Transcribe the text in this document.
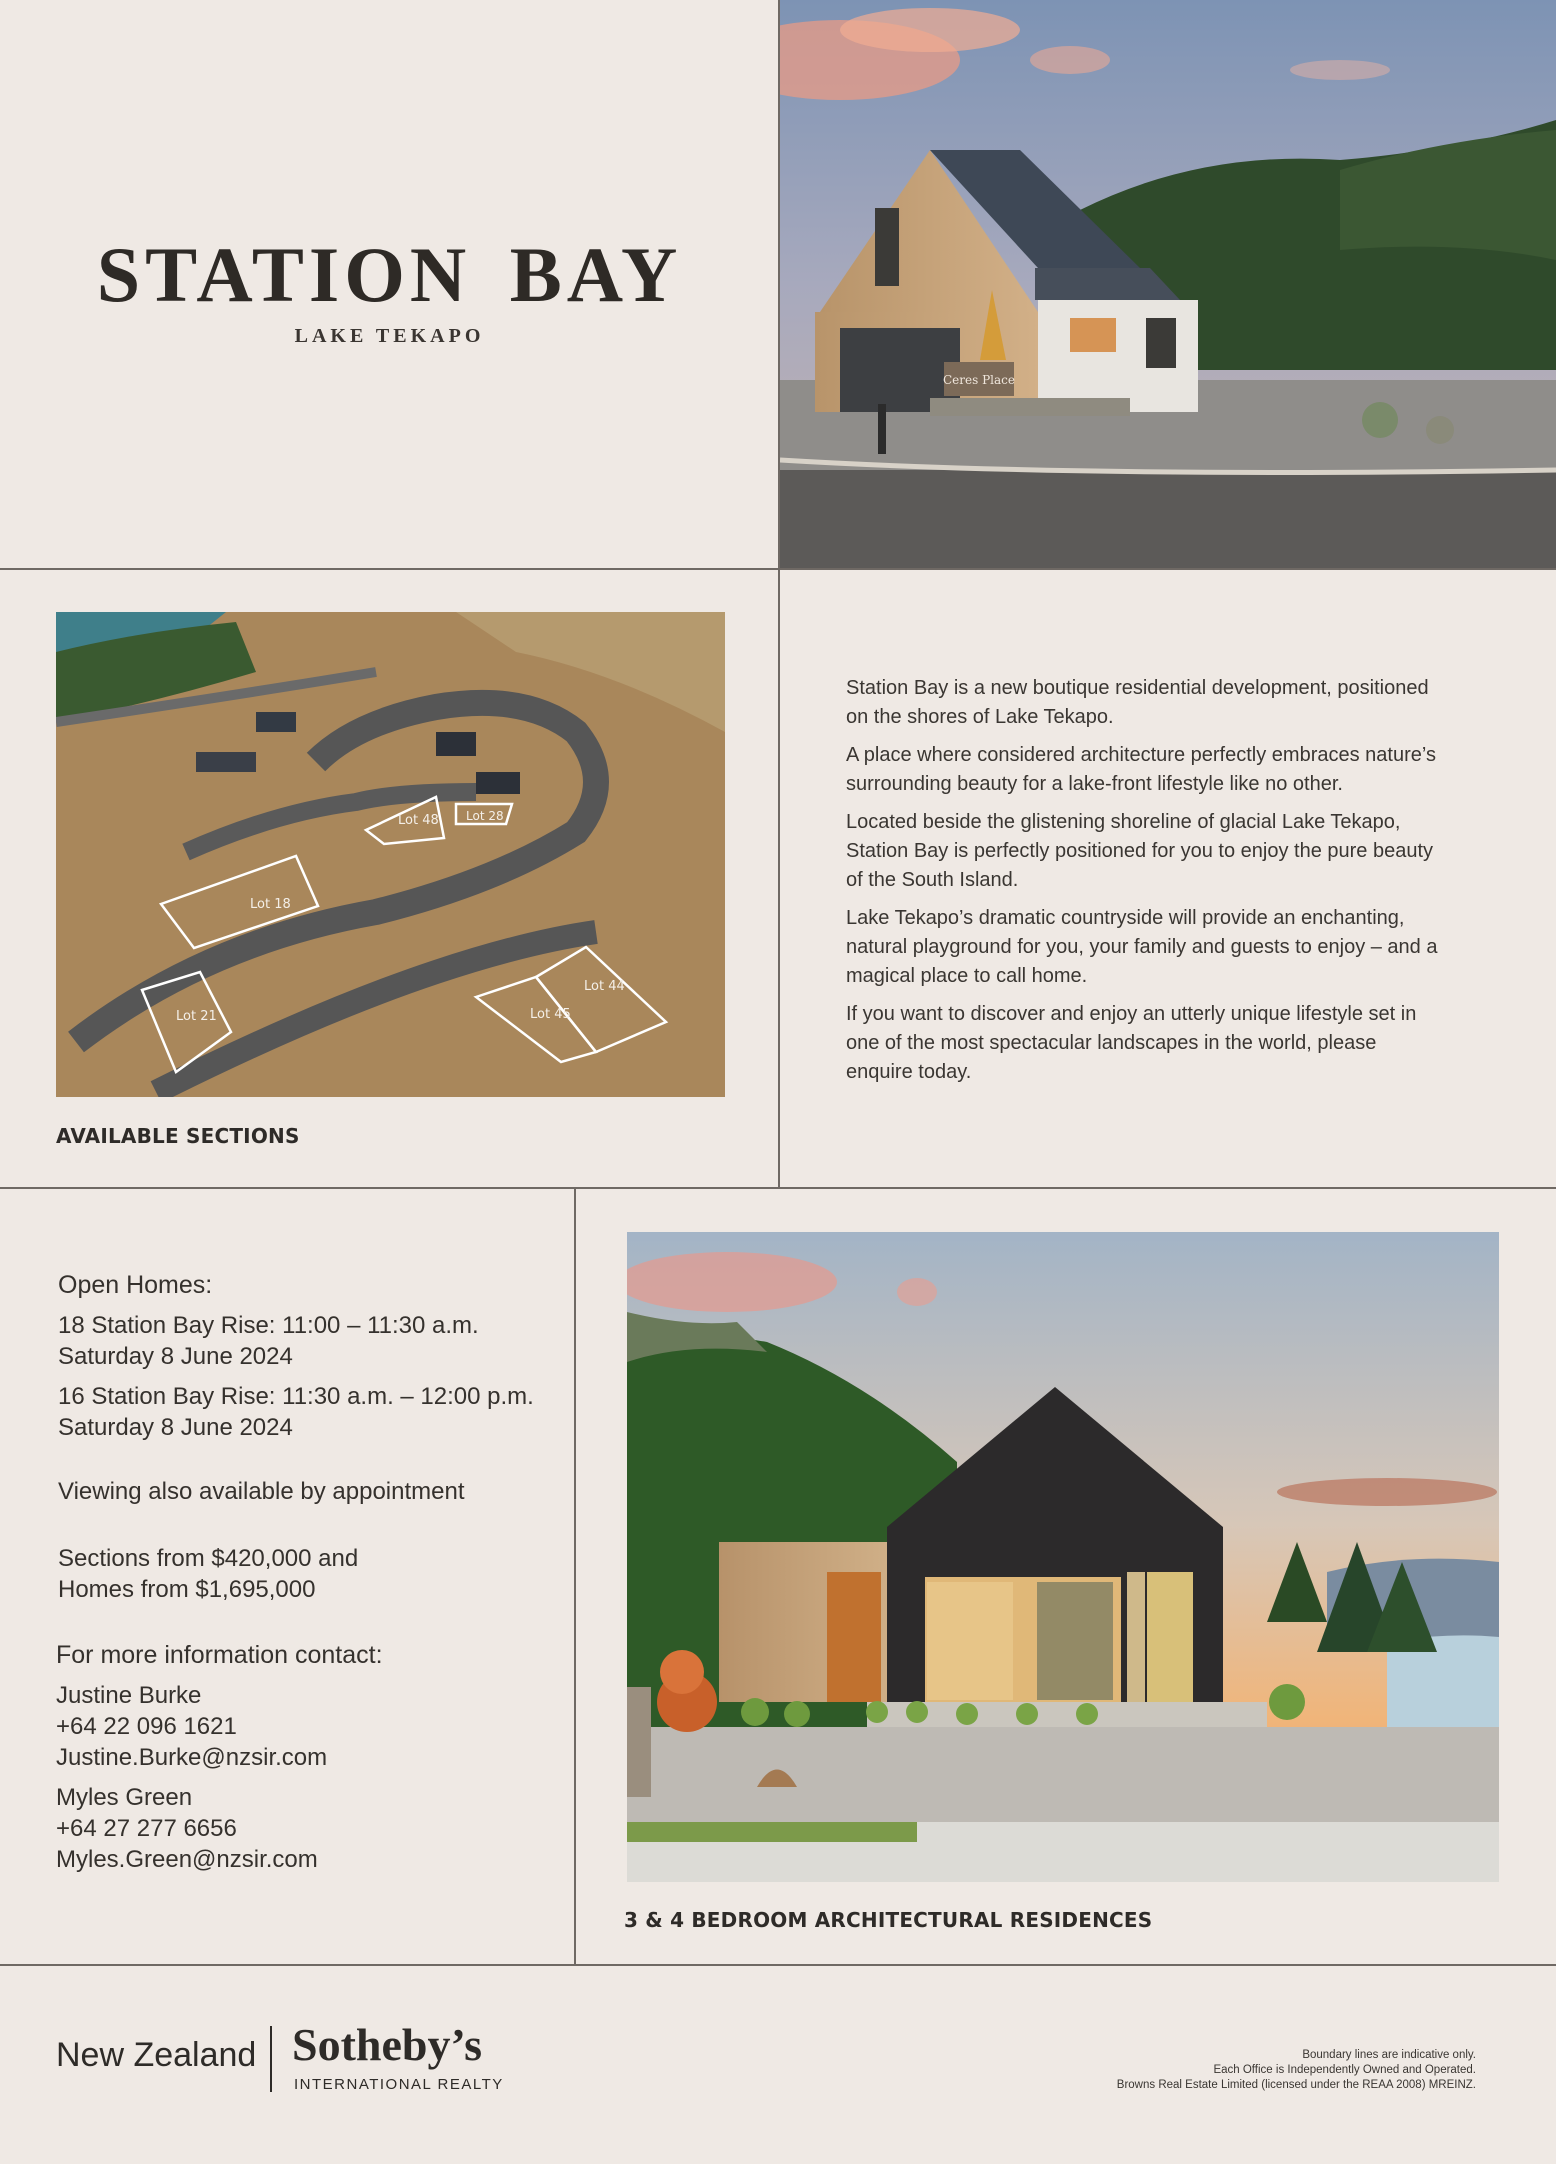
STATION BAY
LAKE TEKAPO
Ceres Place
Lot 18
Lot 48 Lot 28
Lot 21	Lot 45
Lot 44
AVAILABLE SECTIONS

Station Bay is a new boutique residential development, positioned on the shores of Lake Tekapo.

A place where considered architecture perfectly embraces nature’s surrounding beauty for a lake-front lifestyle like no other.

Located beside the glistening shoreline of glacial Lake Tekapo, Station Bay is perfectly positioned for you to enjoy the pure beauty of the South Island.

Lake Tekapo’s dramatic countryside will provide an enchanting, natural playground for you, your family and guests to enjoy – and a magical place to call home.

If you want to discover and enjoy an utterly unique lifestyle set in one of the most spectacular landscapes in the world, please enquire today.

Open Homes:
18 Station Bay Rise: 11:00 – 11:30 a.m.
Saturday 8 June 2024
16 Station Bay Rise: 11:30 a.m. – 12:00 p.m.
Saturday 8 June 2024
Viewing also available by appointment
Sections from $420,000 and
Homes from $1,695,000
For more information contact:
Justine Burke
+64 22 096 1621
Justine.Burke@nzsir.com
Myles Green
+64 27 277 6656
Myles.Green@nzsir.com
3 & 4 BEDROOM ARCHITECTURAL RESIDENCES
New Zealand Sotheby’s
INTERNATIONAL REALTY
Boundary lines are indicative only.
Each Office is Independently Owned and Operated.
Browns Real Estate Limited (licensed under the REAA 2008) MREINZ.
